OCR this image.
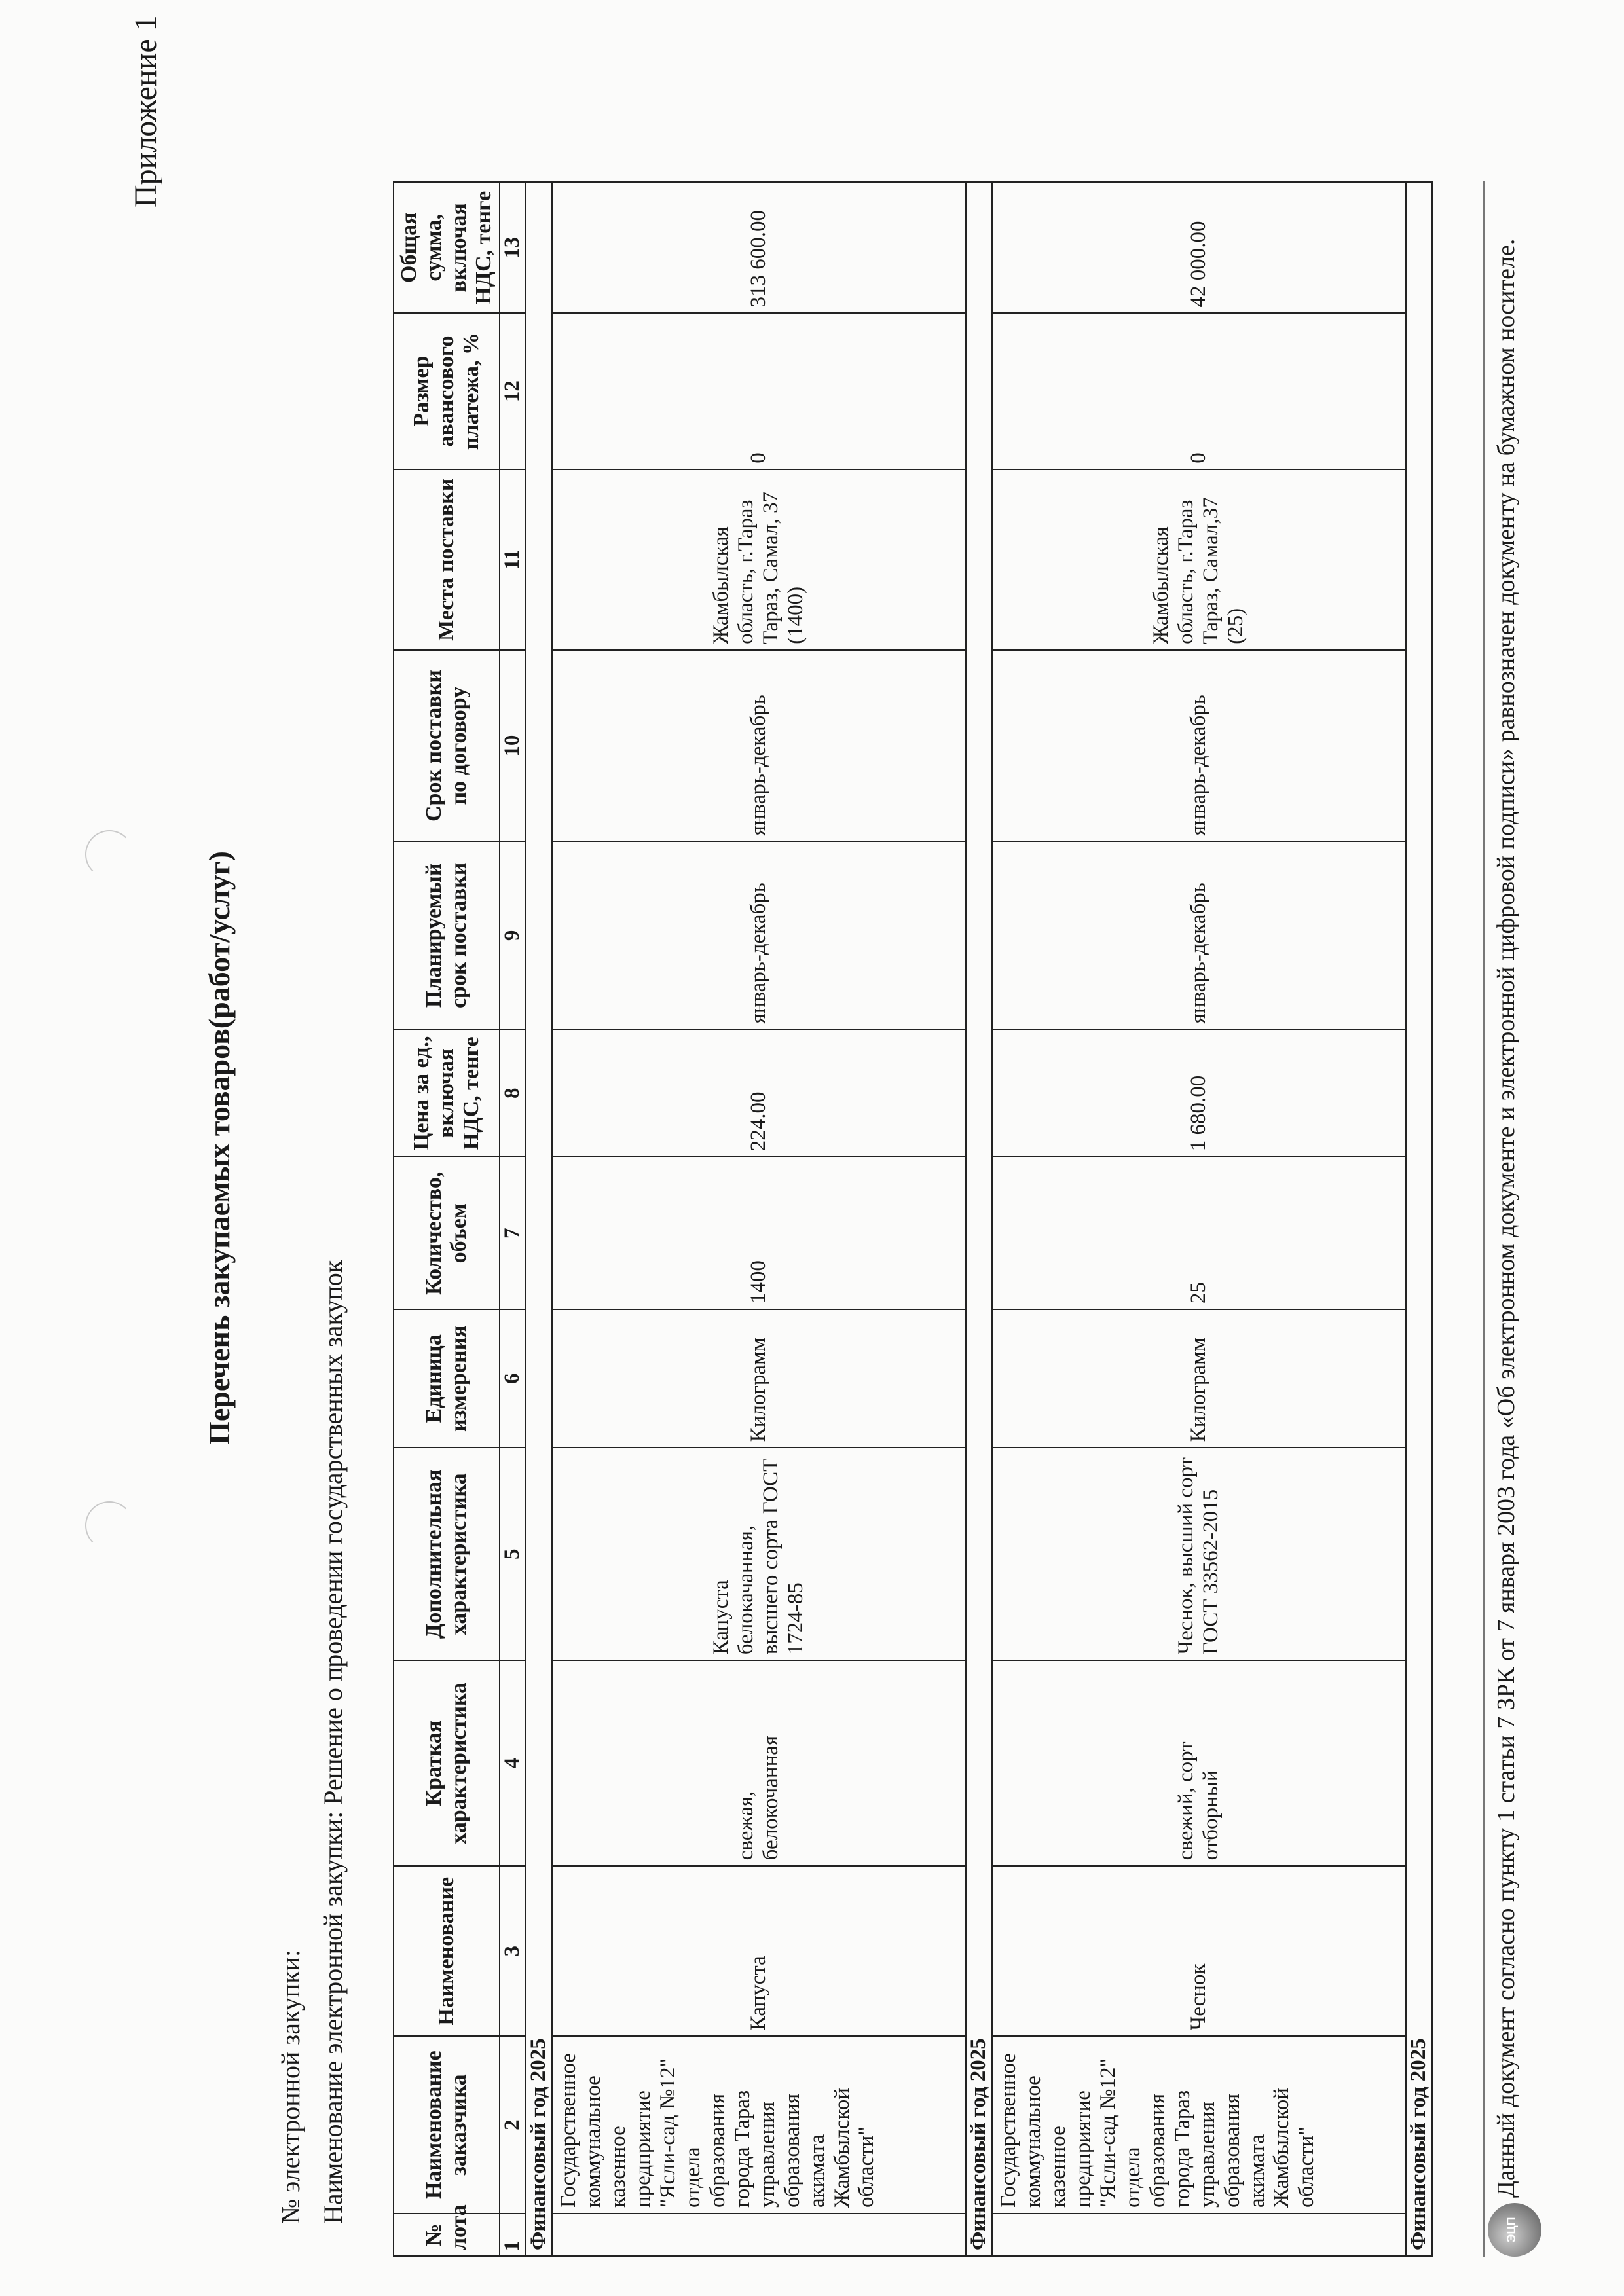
Приложение 1
Перечень закупаемых товаров(работ/услуг)
№ электронной закупки: Наименование электронной закупки: Решение о проведении государственных закупок
№ лота	Наименование заказчика	Наименование	Краткая характеристика	Дополнительная характеристика	Единица измерения	Количество, объем	Цена за ед., включая НДС, тенге	Планируемый срок поставки	Срок поставки по договору	Места поставки	Размер авансового платежа, %	Общая сумма, включая НДС, тенге
1	2	3	4	5	6	7	8	9	10	11	12	13
Финансовый год 2025												
	Государственное коммунальное казенное предприятие "Ясли-сад №12" отдела образования города Тараз управления образования акимата Жамбылской области"	Капуста	свежая, белокочанная	Капуста белокачанная, высшего сорта ГОСТ 1724-85	Килограмм	1400	224.00	январь-декабрь	январь-декабрь	Жамбылская область, г.Тараз Тараз, Самал, 37 (1400)	0	313 600.00
Финансовый год 2025												
	Государственное коммунальное казенное предприятие "Ясли-сад №12" отдела образования города Тараз управления образования акимата Жамбылской области"	Чеснок	свежий, сорт отборный	Чеснок, высший сорт ГОСТ 33562-2015	Килограмм	25	1 680.00	январь-декабрь	январь-декабрь	Жамбылская область, г.Тараз Тараз, Самал,37 (25)	0	42 000.00
Финансовый год 2025													ЭЦП
Данный документ согласно пункту 1 статьи 7 ЗРК от 7 января 2003 года «Об электронном документе и электронной цифровой подписи» равнозначен документу на бумажном носителе.
